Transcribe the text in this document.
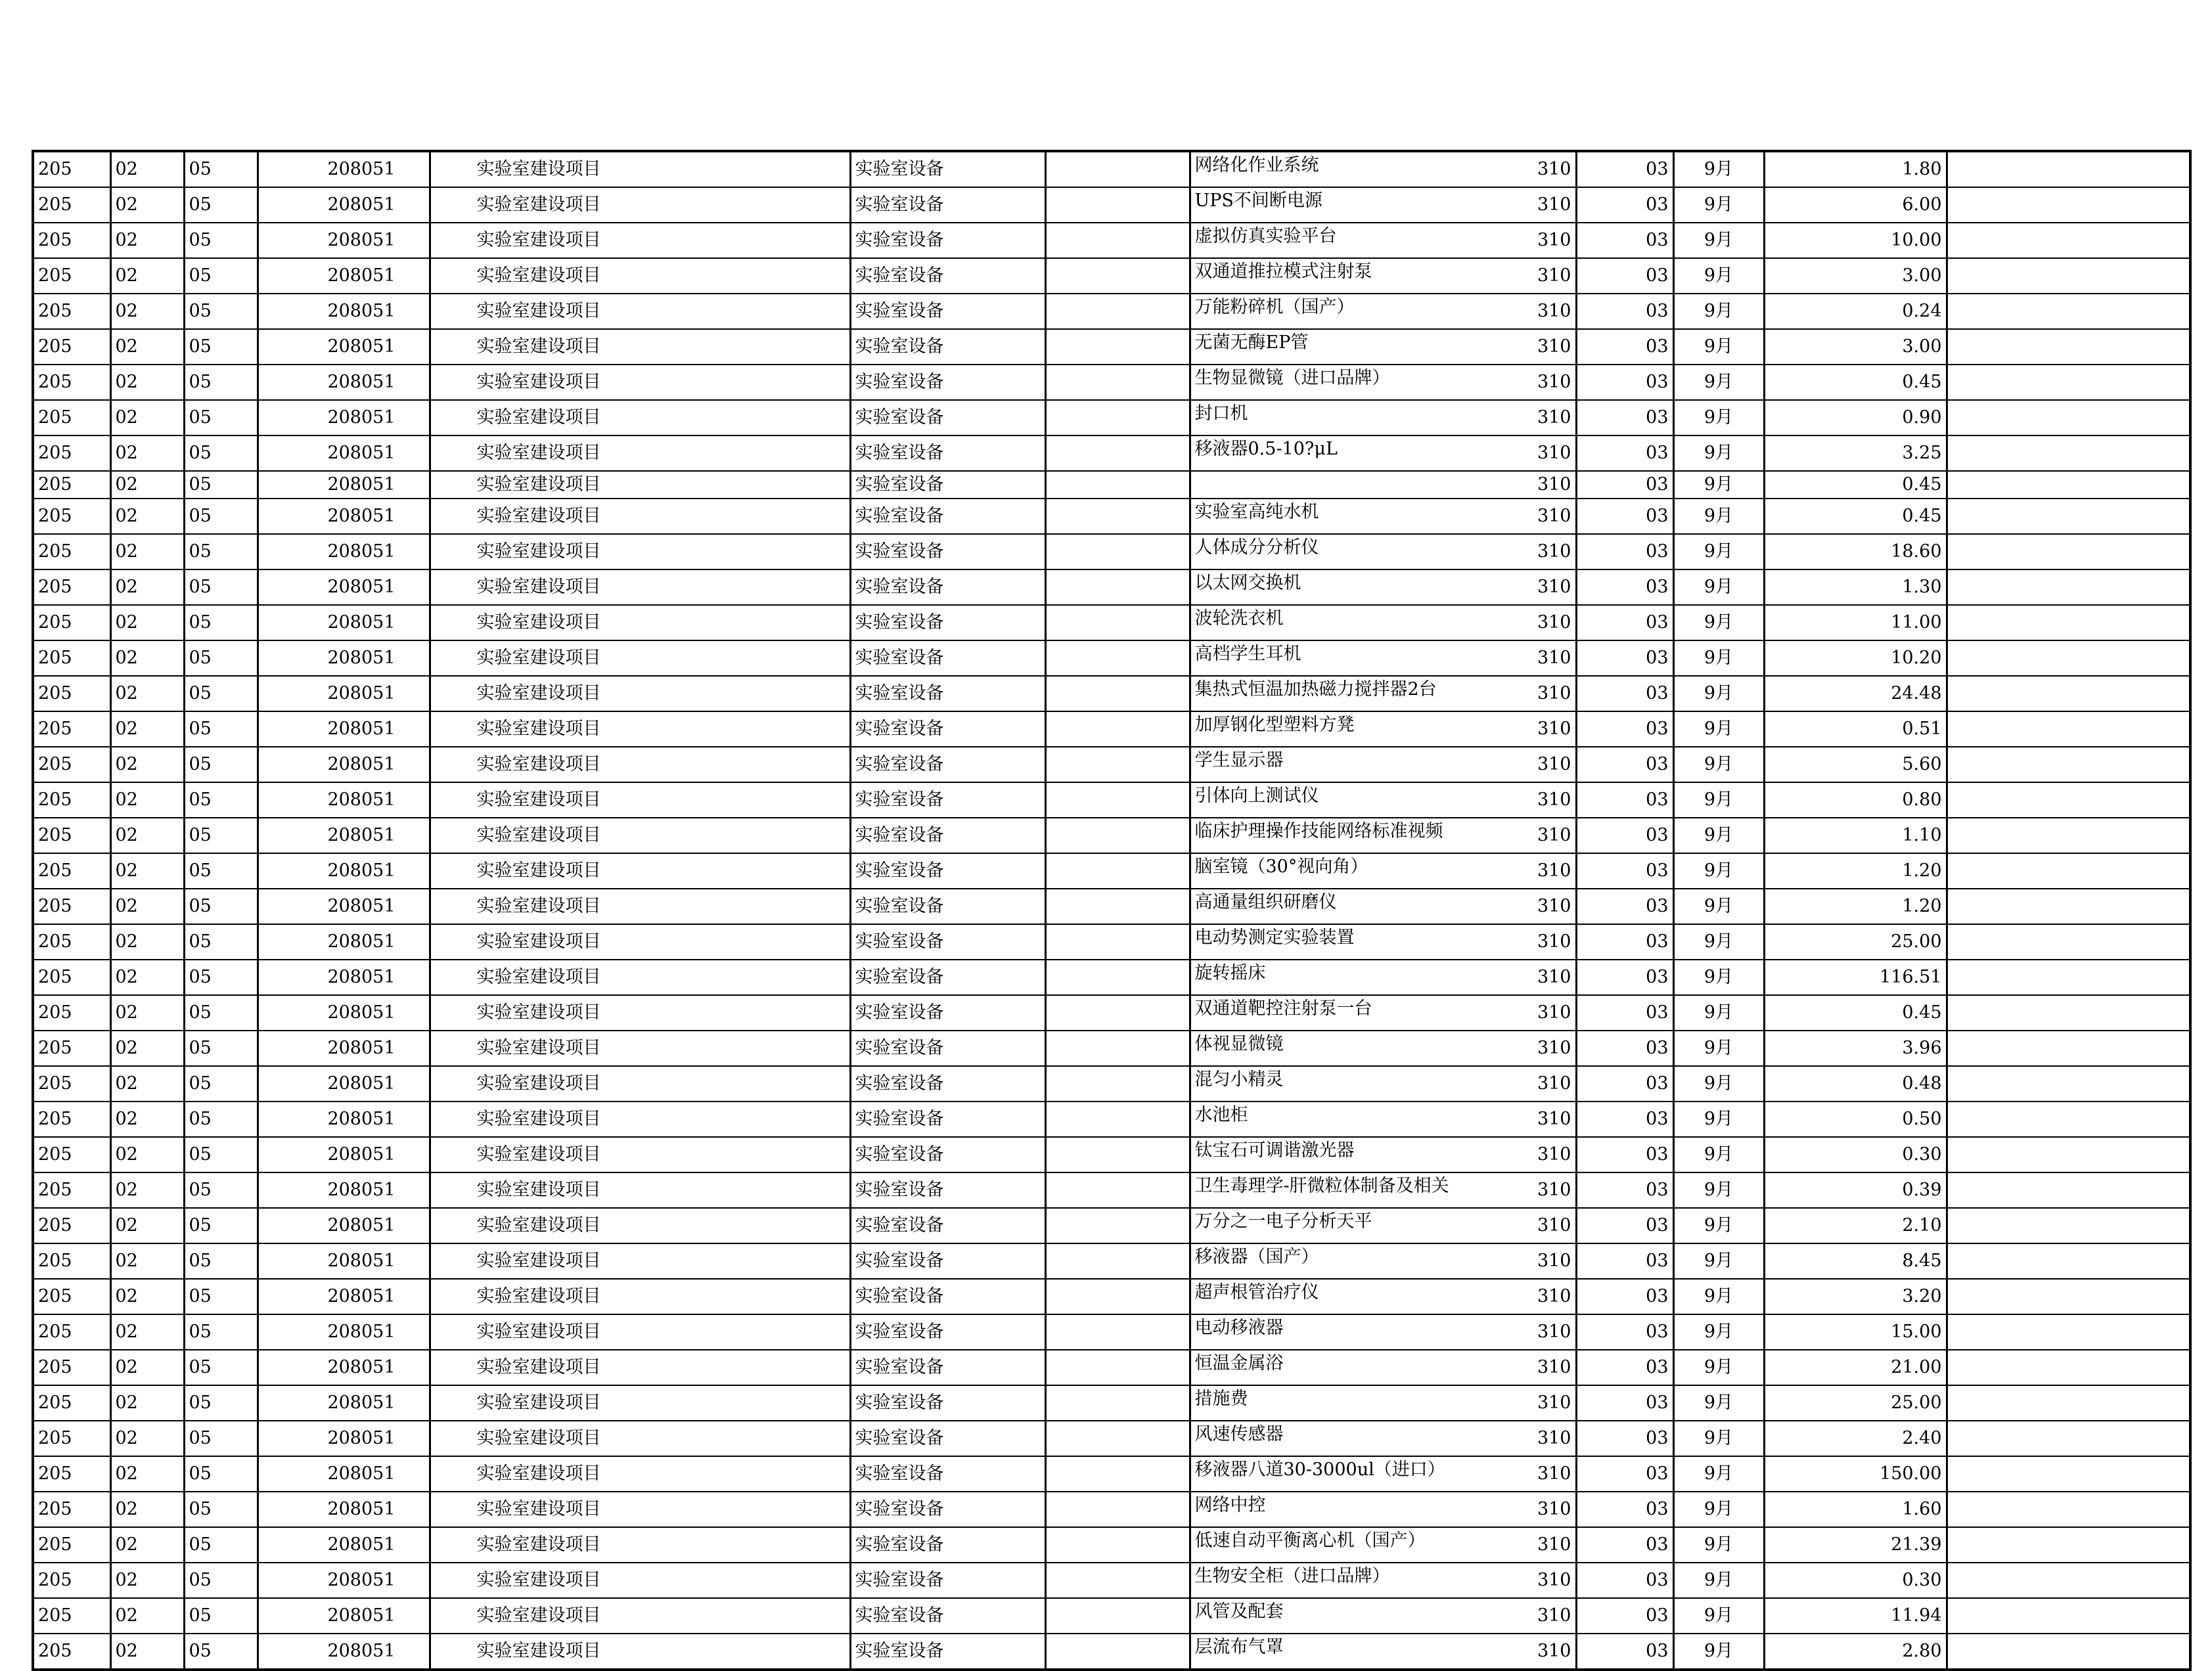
205	02	05	208051	实验室建设项目	实验室设备		网络化作业系统	310	03	9月	1.80	
205	02	05	208051	实验室建设项目	实验室设备		UPS不间断电源	310	03	9月	6.00	
205	02	05	208051	实验室建设项目	实验室设备		虚拟仿真实验平台	310	03	9月	10.00	
205	02	05	208051	实验室建设项目	实验室设备		双通道推拉模式注射泵	310	03	9月	3.00	
205	02	05	208051	实验室建设项目	实验室设备		万能粉碎机（国产）	310	03	9月	0.24	
205	02	05	208051	实验室建设项目	实验室设备		无菌无酶EP管	310	03	9月	3.00	
205	02	05	208051	实验室建设项目	实验室设备		生物显微镜（进口品牌）	310	03	9月	0.45	
205	02	05	208051	实验室建设项目	实验室设备		封口机	310	03	9月	0.90	
205	02	05	208051	实验室建设项目	实验室设备		移液器0.5-10?μL	310	03	9月	3.25	
205	02	05	208051	实验室建设项目	实验室设备			310	03	9月	0.45	
205	02	05	208051	实验室建设项目	实验室设备		实验室高纯水机	310	03	9月	0.45	
205	02	05	208051	实验室建设项目	实验室设备		人体成分分析仪	310	03	9月	18.60	
205	02	05	208051	实验室建设项目	实验室设备		以太网交换机	310	03	9月	1.30	
205	02	05	208051	实验室建设项目	实验室设备		波轮洗衣机	310	03	9月	11.00	
205	02	05	208051	实验室建设项目	实验室设备		高档学生耳机	310	03	9月	10.20	
205	02	05	208051	实验室建设项目	实验室设备		集热式恒温加热磁力搅拌器2台	310	03	9月	24.48	
205	02	05	208051	实验室建设项目	实验室设备		加厚钢化型塑料方凳	310	03	9月	0.51	
205	02	05	208051	实验室建设项目	实验室设备		学生显示器	310	03	9月	5.60	
205	02	05	208051	实验室建设项目	实验室设备		引体向上测试仪	310	03	9月	0.80	
205	02	05	208051	实验室建设项目	实验室设备		临床护理操作技能网络标准视频	310	03	9月	1.10	
205	02	05	208051	实验室建设项目	实验室设备		脑室镜（30°视向角）	310	03	9月	1.20	
205	02	05	208051	实验室建设项目	实验室设备		高通量组织研磨仪	310	03	9月	1.20	
205	02	05	208051	实验室建设项目	实验室设备		电动势测定实验装置	310	03	9月	25.00	
205	02	05	208051	实验室建设项目	实验室设备		旋转摇床	310	03	9月	116.51	
205	02	05	208051	实验室建设项目	实验室设备		双通道靶控注射泵一台	310	03	9月	0.45	
205	02	05	208051	实验室建设项目	实验室设备		体视显微镜	310	03	9月	3.96	
205	02	05	208051	实验室建设项目	实验室设备		混匀小精灵	310	03	9月	0.48	
205	02	05	208051	实验室建设项目	实验室设备		水池柜	310	03	9月	0.50	
205	02	05	208051	实验室建设项目	实验室设备		钛宝石可调谐激光器	310	03	9月	0.30	
205	02	05	208051	实验室建设项目	实验室设备		卫生毒理学-肝微粒体制备及相关	310	03	9月	0.39	
205	02	05	208051	实验室建设项目	实验室设备		万分之一电子分析天平	310	03	9月	2.10	
205	02	05	208051	实验室建设项目	实验室设备		移液器（国产）	310	03	9月	8.45	
205	02	05	208051	实验室建设项目	实验室设备		超声根管治疗仪	310	03	9月	3.20	
205	02	05	208051	实验室建设项目	实验室设备		电动移液器	310	03	9月	15.00	
205	02	05	208051	实验室建设项目	实验室设备		恒温金属浴	310	03	9月	21.00	
205	02	05	208051	实验室建设项目	实验室设备		措施费	310	03	9月	25.00	
205	02	05	208051	实验室建设项目	实验室设备		风速传感器	310	03	9月	2.40	
205	02	05	208051	实验室建设项目	实验室设备		移液器八道30-3000ul（进口）	310	03	9月	150.00	
205	02	05	208051	实验室建设项目	实验室设备		网络中控	310	03	9月	1.60	
205	02	05	208051	实验室建设项目	实验室设备		低速自动平衡离心机（国产）	310	03	9月	21.39	
205	02	05	208051	实验室建设项目	实验室设备		生物安全柜（进口品牌）	310	03	9月	0.30	
205	02	05	208051	实验室建设项目	实验室设备		风管及配套	310	03	9月	11.94	
205	02	05	208051	实验室建设项目	实验室设备		层流布气罩	310	03	9月	2.80	
